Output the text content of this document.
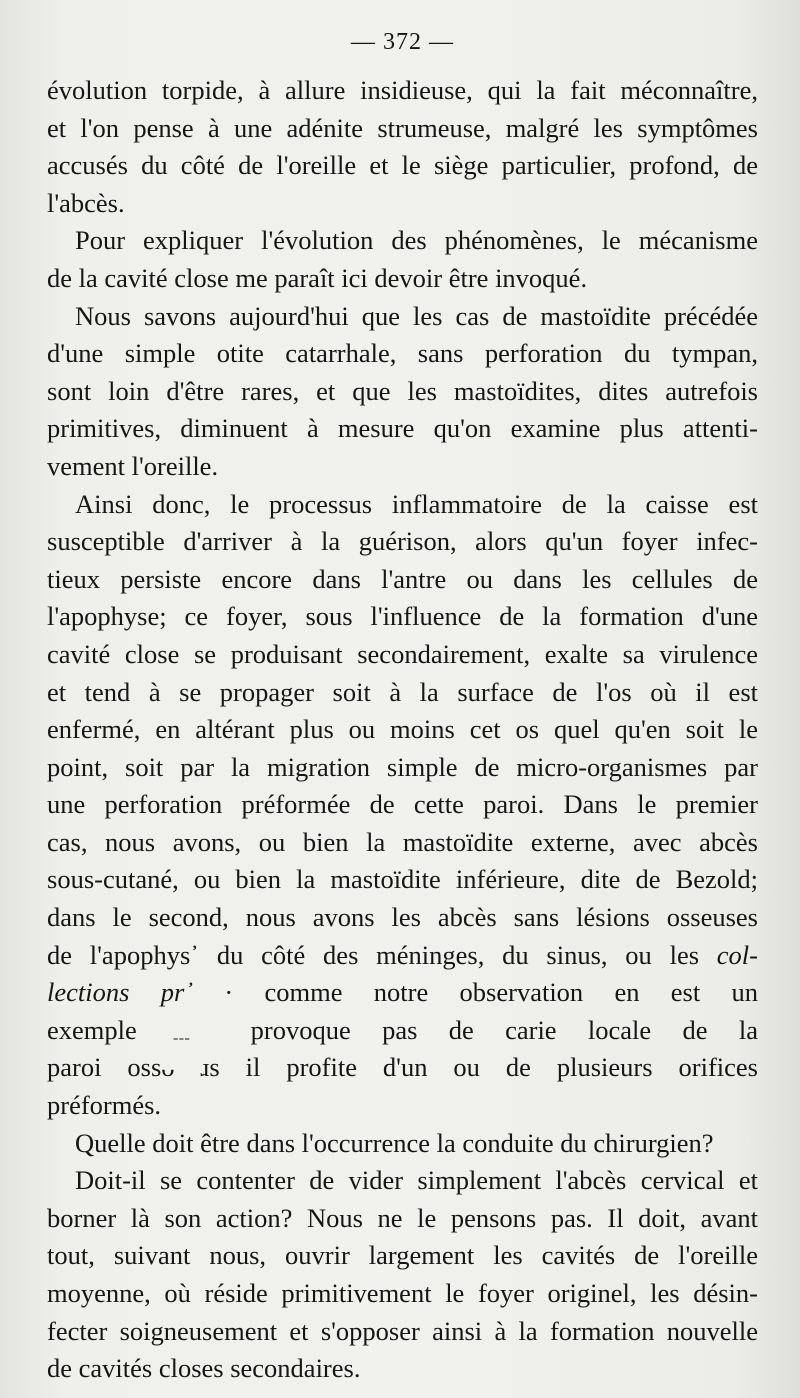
— 372 —
évolution torpide, à allure insidieuse, qui la fait méconnaître,
et l'on pense à une adénite strumeuse, malgré les symptômes
accusés du côté de l'oreille et le siège particulier, profond, de
l'abcès.
Pour expliquer l'évolution des phénomènes, le mécanisme
de la cavité close me paraît ici devoir être invoqué.
Nous savons aujourd'hui que les cas de mastoïdite précédée
d'une simple otite catarrhale, sans perforation du tympan,
sont loin d'être rares, et que les mastoïdites, dites autrefois
primitives, diminuent à mesure qu'on examine plus attenti-
vement l'oreille.
Ainsi donc, le processus inflammatoire de la caisse est
susceptible d'arriver à la guérison, alors qu'un foyer infec-
tieux persiste encore dans l'antre ou dans les cellules de
l'apophyse; ce foyer, sous l'influence de la formation d'une
cavité close se produisant secondairement, exalte sa virulence
et tend à se propager soit à la surface de l'os où il est
enfermé, en altérant plus ou moins cet os quel qu'en soit le
point, soit par la migration simple de micro-organismes par
une perforation préformée de cette paroi. Dans le premier
cas, nous avons, ou bien la mastoïdite externe, avec abcès
sous-cutané, ou bien la mastoïdite inférieure, dite de Bezold;
dans le second, nous avons les abcès sans lésions osseuses
de l'apophys᾽ du côté des méninges, du sinus, ou les col-
lections pr᾽ · comme notre observation en est un
exemple ﹍ provoque pas de carie locale de la
paroi ossᴗ ɹs il profite d'un ou de plusieurs orifices
préformés.
Quelle doit être dans l'occurrence la conduite du chirurgien?
Doit-il se contenter de vider simplement l'abcès cervical et
borner là son action? Nous ne le pensons pas. Il doit, avant
tout, suivant nous, ouvrir largement les cavités de l'oreille
moyenne, où réside primitivement le foyer originel, les désin-
fecter soigneusement et s'opposer ainsi à la formation nouvelle
de cavités closes secondaires.
